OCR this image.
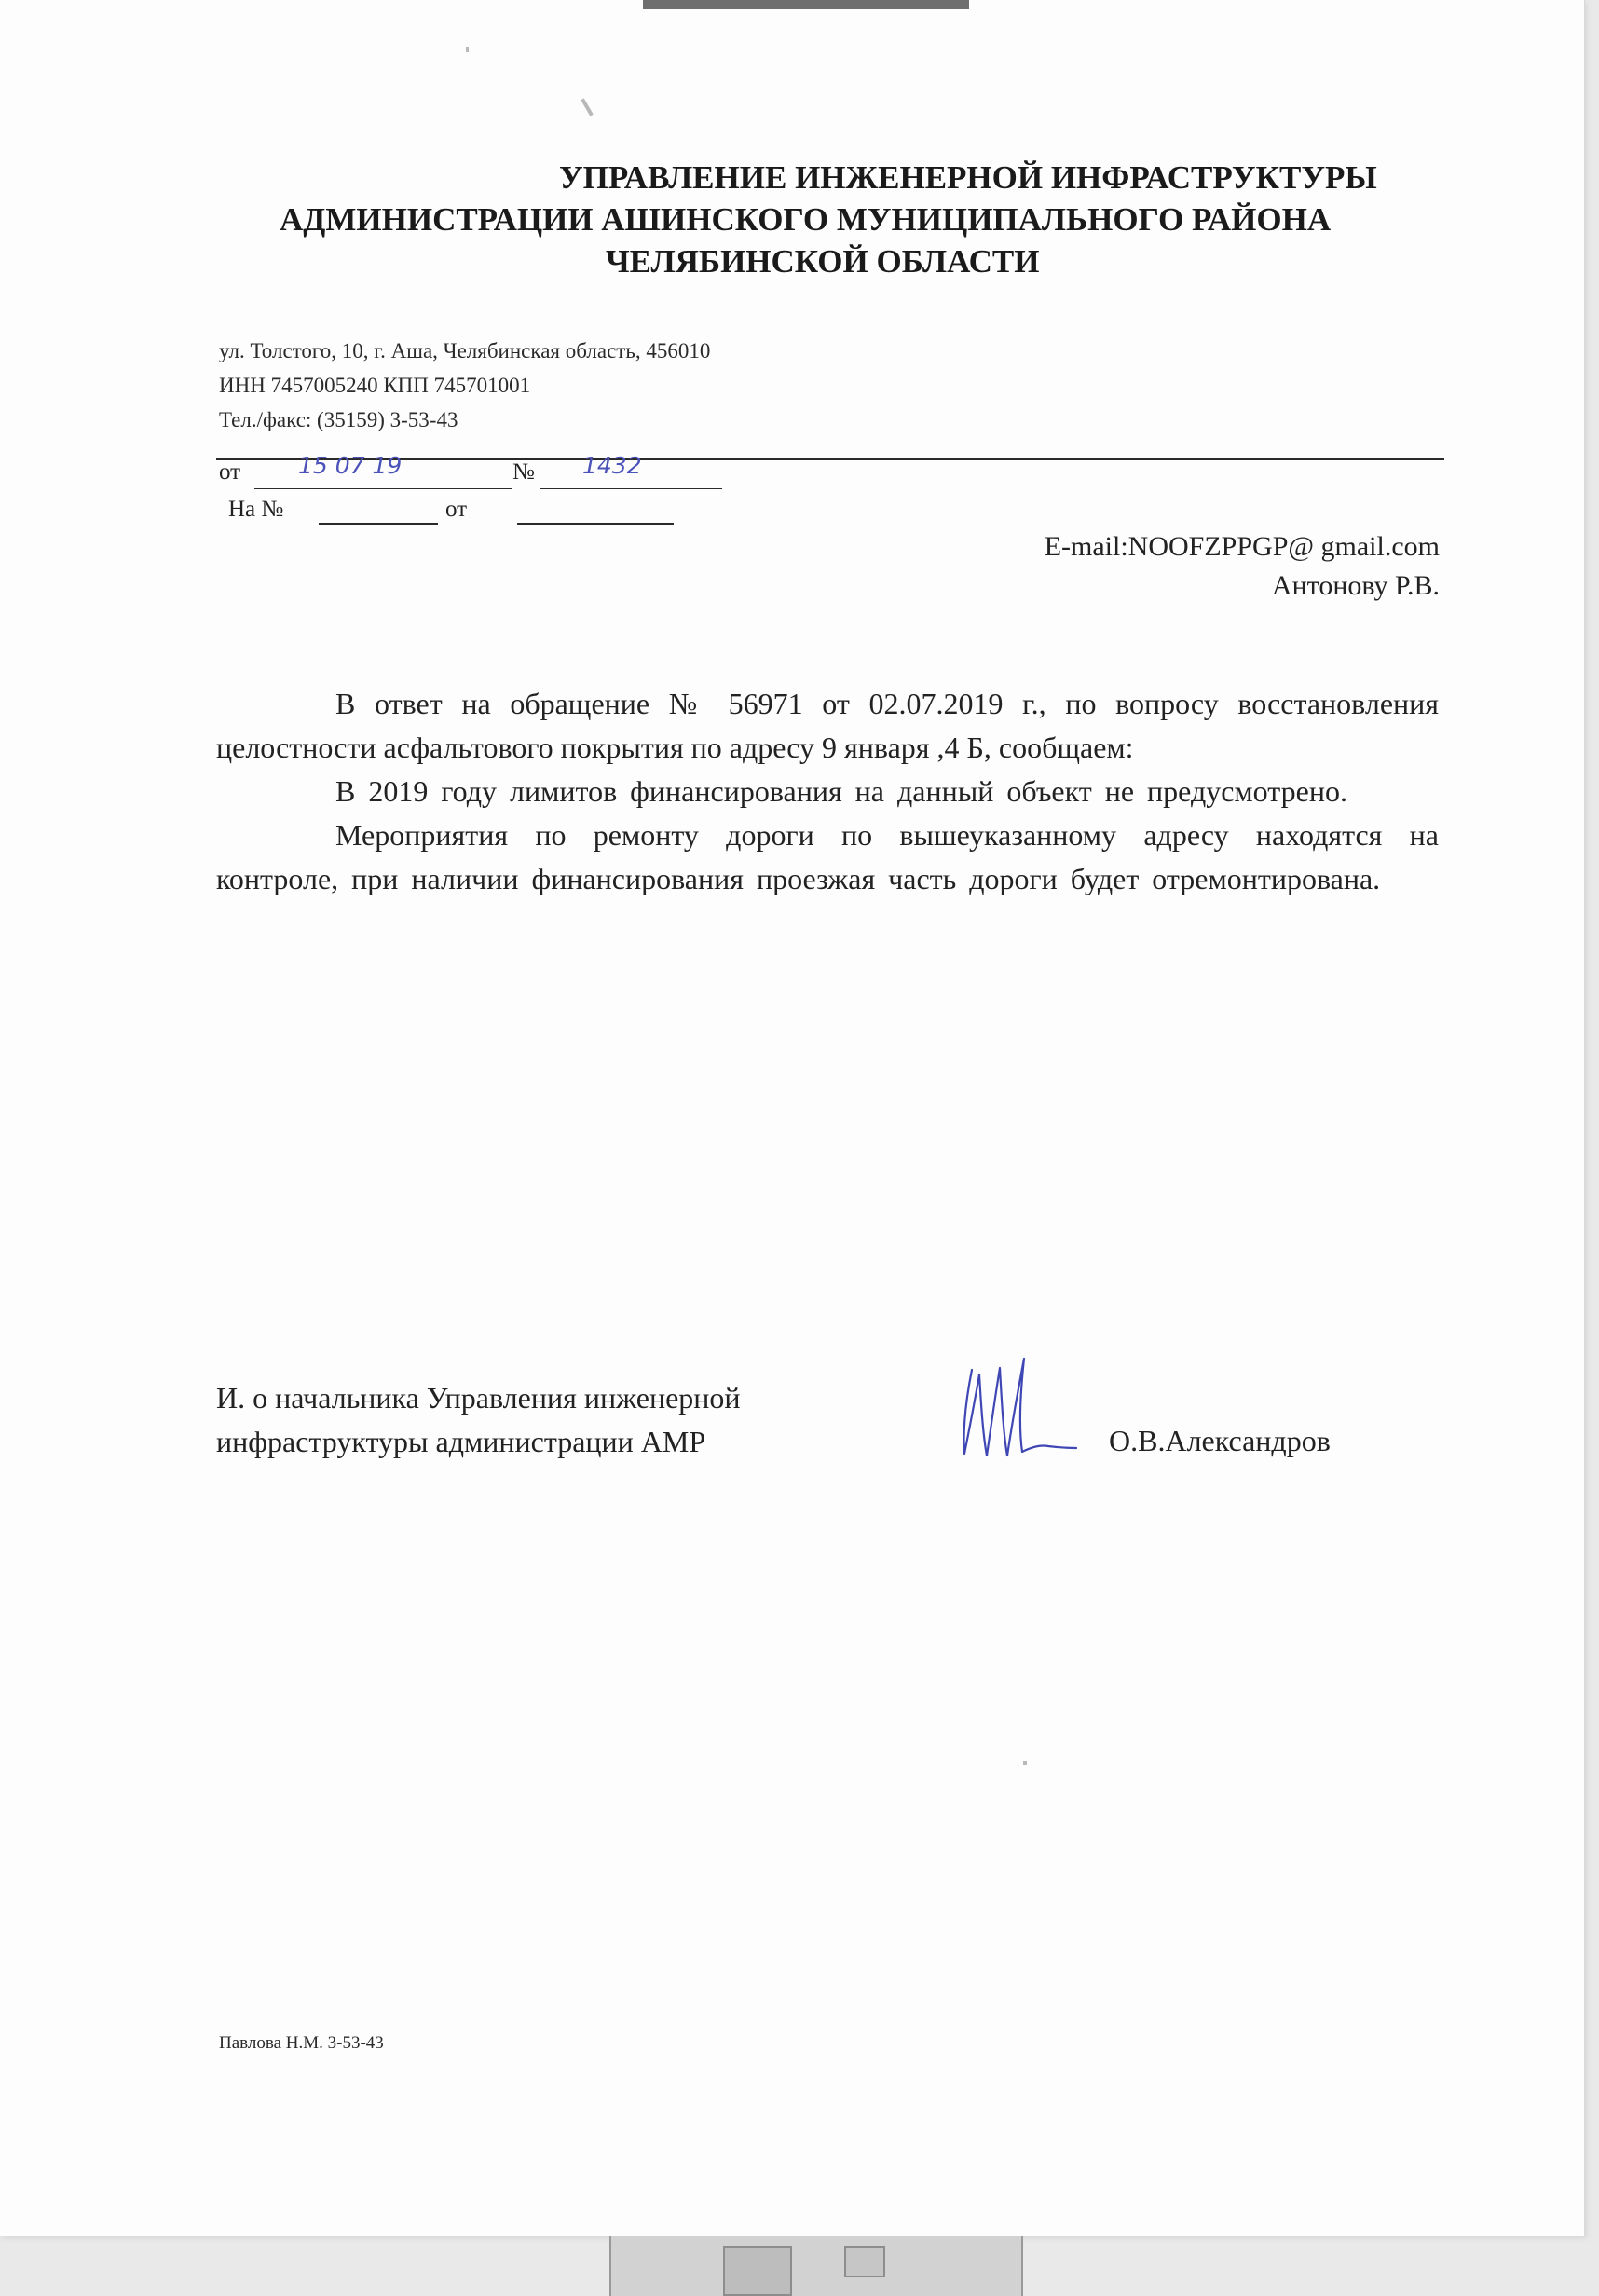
УПРАВЛЕНИЕ ИНЖЕНЕРНОЙ ИНФРАСТРУКТУРЫ
АДМИНИСТРАЦИИ АШИНСКОГО МУНИЦИПАЛЬНОГО РАЙОНА
ЧЕЛЯБИНСКОЙ ОБЛАСТИ
ул. Толстого, 10, г. Аша, Челябинская область, 456010
ИНН 7457005240 КПП 745701001
Тел./факс: (35159) 3-53-43
от 15 07 19	№ 1432
На №	от
E-mail:NOOFZPPGP@ gmail.com
Антонову Р.В.

В ответ на обращение № 56971 от 02.07.2019 г., по вопросу восстановления целостности асфальтового покрытия по адресу 9 января ,4 Б, сообщаем:

В 2019 году лимитов финансирования на данный объект не предусмотрено.

Мероприятия по ремонту дороги по вышеуказанному адресу находятся на контроле, при наличии финансирования проезжая часть дороги будет отремонтирована.

И. о начальника Управления инженерной
инфраструктуры администрации АМР	О.В.Александров
Павлова Н.М. 3-53-43
